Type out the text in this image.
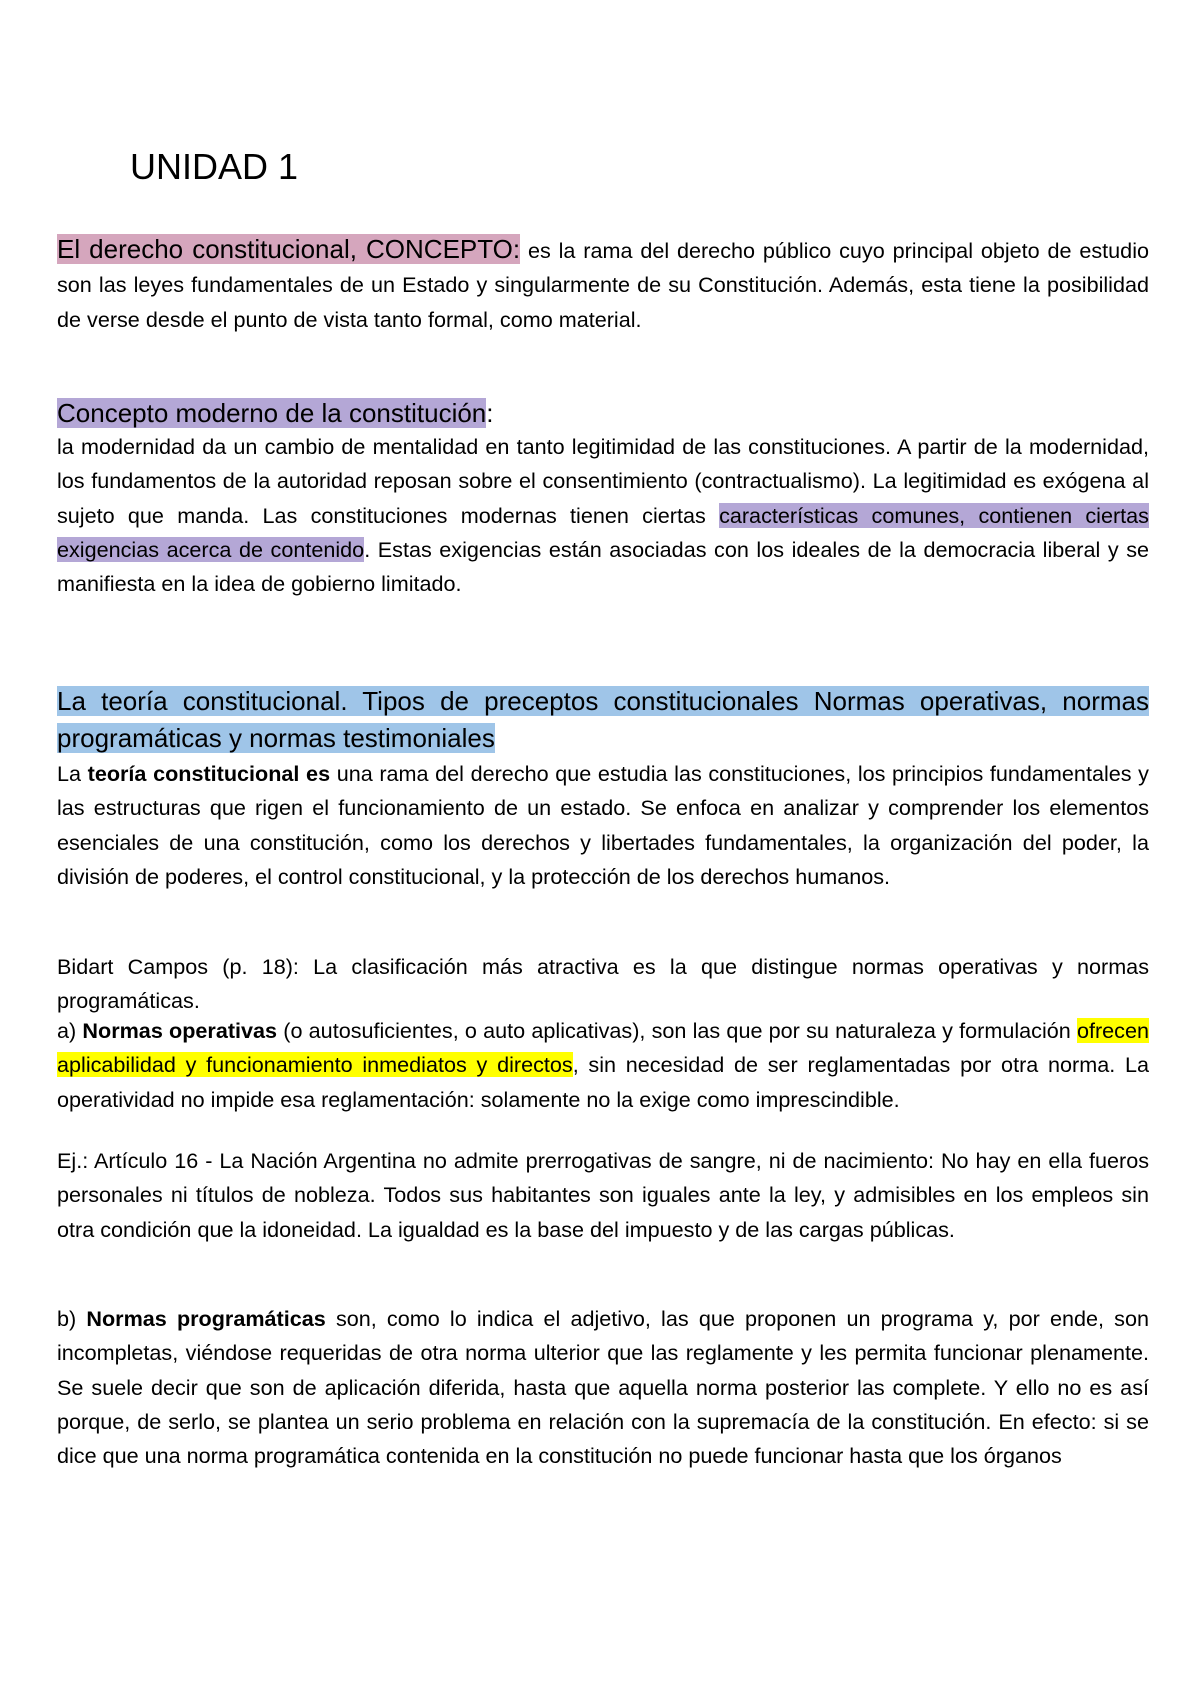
UNIDAD 1

El derecho constitucional, CONCEPTO: es la rama del derecho público cuyo principal objeto de estudio son las leyes fundamentales de un Estado y singularmente de su Constitución. Además, esta tiene la posibilidad de verse desde el punto de vista tanto formal, como material.

Concepto moderno de la constitución:

la modernidad da un cambio de mentalidad en tanto legitimidad de las constituciones. A partir de la modernidad, los fundamentos de la autoridad reposan sobre el consentimiento (contractualismo). La legitimidad es exógena al sujeto que manda. Las constituciones modernas tienen ciertas características comunes, contienen ciertas exigencias acerca de contenido. Estas exigencias están asociadas con los ideales de la democracia liberal y se manifiesta en la idea de gobierno limitado.

La teoría constitucional. Tipos de preceptos constitucionales Normas operativas, normas programáticas y normas testimoniales

La teoría constitucional es una rama del derecho que estudia las constituciones, los principios fundamentales y las estructuras que rigen el funcionamiento de un estado. Se enfoca en analizar y comprender los elementos esenciales de una constitución, como los derechos y libertades fundamentales, la organización del poder, la división de poderes, el control constitucional, y la protección de los derechos humanos.

Bidart Campos (p. 18): La clasificación más atractiva es la que distingue normas operativas y normas programáticas.

a) Normas operativas (o autosuficientes, o auto aplicativas), son las que por su naturaleza y formulación ofrecen aplicabilidad y funcionamiento inmediatos y directos, sin necesidad de ser reglamentadas por otra norma. La operatividad no impide esa reglamentación: solamente no la exige como imprescindible.

Ej.: Artículo 16 - La Nación Argentina no admite prerrogativas de sangre, ni de nacimiento: No hay en ella fueros personales ni títulos de nobleza. Todos sus habitantes son iguales ante la ley, y admisibles en los empleos sin otra condición que la idoneidad. La igualdad es la base del impuesto y de las cargas públicas.

b) Normas programáticas son, como lo indica el adjetivo, las que proponen un programa y, por ende, son incompletas, viéndose requeridas de otra norma ulterior que las reglamente y les permita funcionar plenamente. Se suele decir que son de aplicación diferida, hasta que aquella norma posterior las complete. Y ello no es así porque, de serlo, se plantea un serio problema en relación con la supremacía de la constitución. En efecto: si se dice que una norma programática contenida en la constitución no puede funcionar hasta que los órganos
